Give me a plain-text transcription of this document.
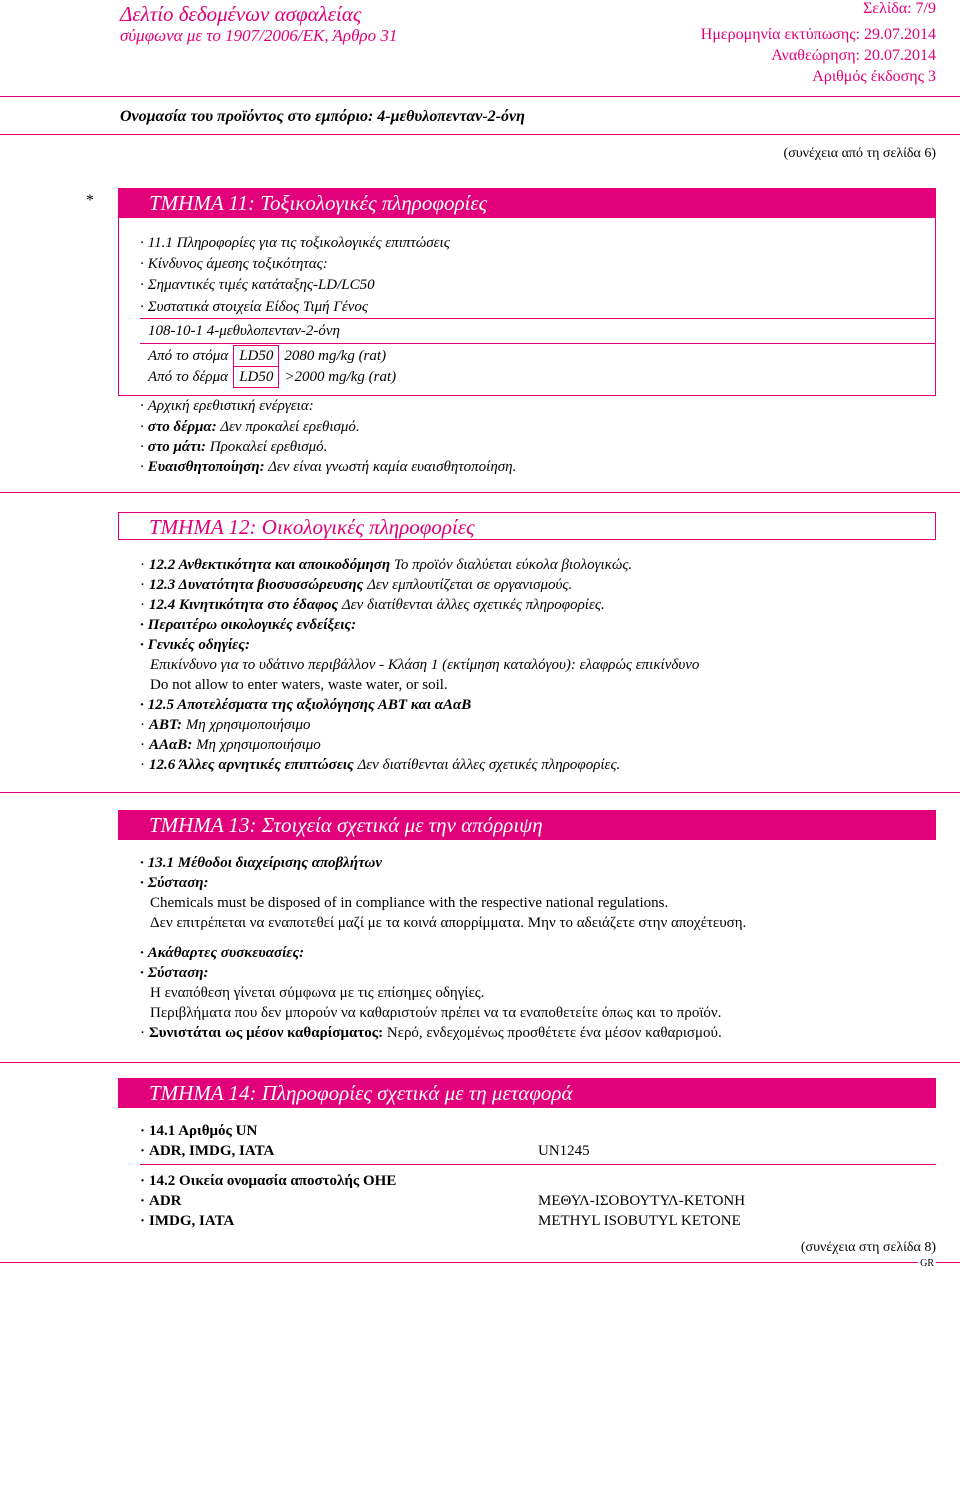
Δελτίο δεδομένων ασφαλείας
σύμφωνα με το 1907/2006/ΕΚ, Άρθρο 31
Σελίδα: 7/9
Ημερομηνία εκτύπωσης: 29.07.2014
Αναθεώρηση: 20.07.2014
Αριθμός έκδοσης 3
Ονομασία του προϊόντος στο εμπόριο: 4-μεθυλοπενταν-2-όνη
(συνέχεια από τη σελίδα 6)
*	ΤΜΗΜΑ 11: Τοξικολογικές πληροφορίες
· 11.1 Πληροφορίες για τις τοξικολογικές επιπτώσεις
· Κίνδυνος άμεσης τοξικότητας:
· Σημαντικές τιμές κατάταξης-LD/LC50
· Συστατικά στοιχεία Είδος Τιμή Γένος
108-10-1 4-μεθυλοπενταν-2-όνη
Από το στόμα	LD50	2080 mg/kg (rat)
Από το δέρμα	LD50	>2000 mg/kg (rat)
· Αρχική ερεθιστική ενέργεια:
· στο δέρμα: Δεν προκαλεί ερεθισμό.
· στο μάτι: Προκαλεί ερεθισμό.
· Ευαισθητοποίηση: Δεν είναι γνωστή καμία ευαισθητοποίηση.
ΤΜΗΜΑ 12: Οικολογικές πληροφορίες
· 12.2 Ανθεκτικότητα και αποικοδόμηση Το προϊόν διαλύεται εύκολα βιολογικώς.
· 12.3 Δυνατότητα βιοσυσσώρευσης Δεν εμπλουτίζεται σε οργανισμούς.
· 12.4 Κινητικότητα στο έδαφος Δεν διατίθενται άλλες σχετικές πληροφορίες.
· Περαιτέρω οικολογικές ενδείξεις:
· Γενικές οδηγίες:
Επικίνδυνο για το υδάτινο περιβάλλον - Κλάση 1 (εκτίμηση καταλόγου): ελαφρώς επικίνδυνο
Do not allow to enter waters, waste water, or soil.
· 12.5 Αποτελέσματα της αξιολόγησης ΑΒΤ και αΑαΒ
· ΑΒΤ: Μη χρησιμοποιήσιμο
· ΑΑαΒ: Μη χρησιμοποιήσιμο
· 12.6 Άλλες αρνητικές επιπτώσεις Δεν διατίθενται άλλες σχετικές πληροφορίες.
ΤΜΗΜΑ 13: Στοιχεία σχετικά με την απόρριψη
· 13.1 Μέθοδοι διαχείρισης αποβλήτων
· Σύσταση:
Chemicals must be disposed of in compliance with the respective national regulations.
Δεν επιτρέπεται να εναποτεθεί μαζί με τα κοινά απορρίμματα. Μην το αδειάζετε στην αποχέτευση.
· Ακάθαρτες συσκευασίες:
· Σύσταση:
Η εναπόθεση γίνεται σύμφωνα με τις επίσημες οδηγίες.
Περιβλήματα που δεν μπορούν να καθαριστούν πρέπει να τα εναποθετείτε όπως και το προϊόν.
· Συνιστάται ως μέσον καθαρίσματος: Νερό, ενδεχομένως προσθέτετε ένα μέσον καθαρισμού.
ΤΜΗΜΑ 14: Πληροφορίες σχετικά με τη μεταφορά
· 14.1 Αριθμός UN
· ADR, IMDG, IATA	UN1245
· 14.2 Οικεία ονομασία αποστολής ΟΗΕ
· ADR	ΜΕΘΥΛ-ΙΣΟΒΟΥΤΥΛ-ΚΕΤΟΝΗ
· IMDG, IATA	METHYL ISOBUTYL KETONE
(συνέχεια στη σελίδα 8)
GR
